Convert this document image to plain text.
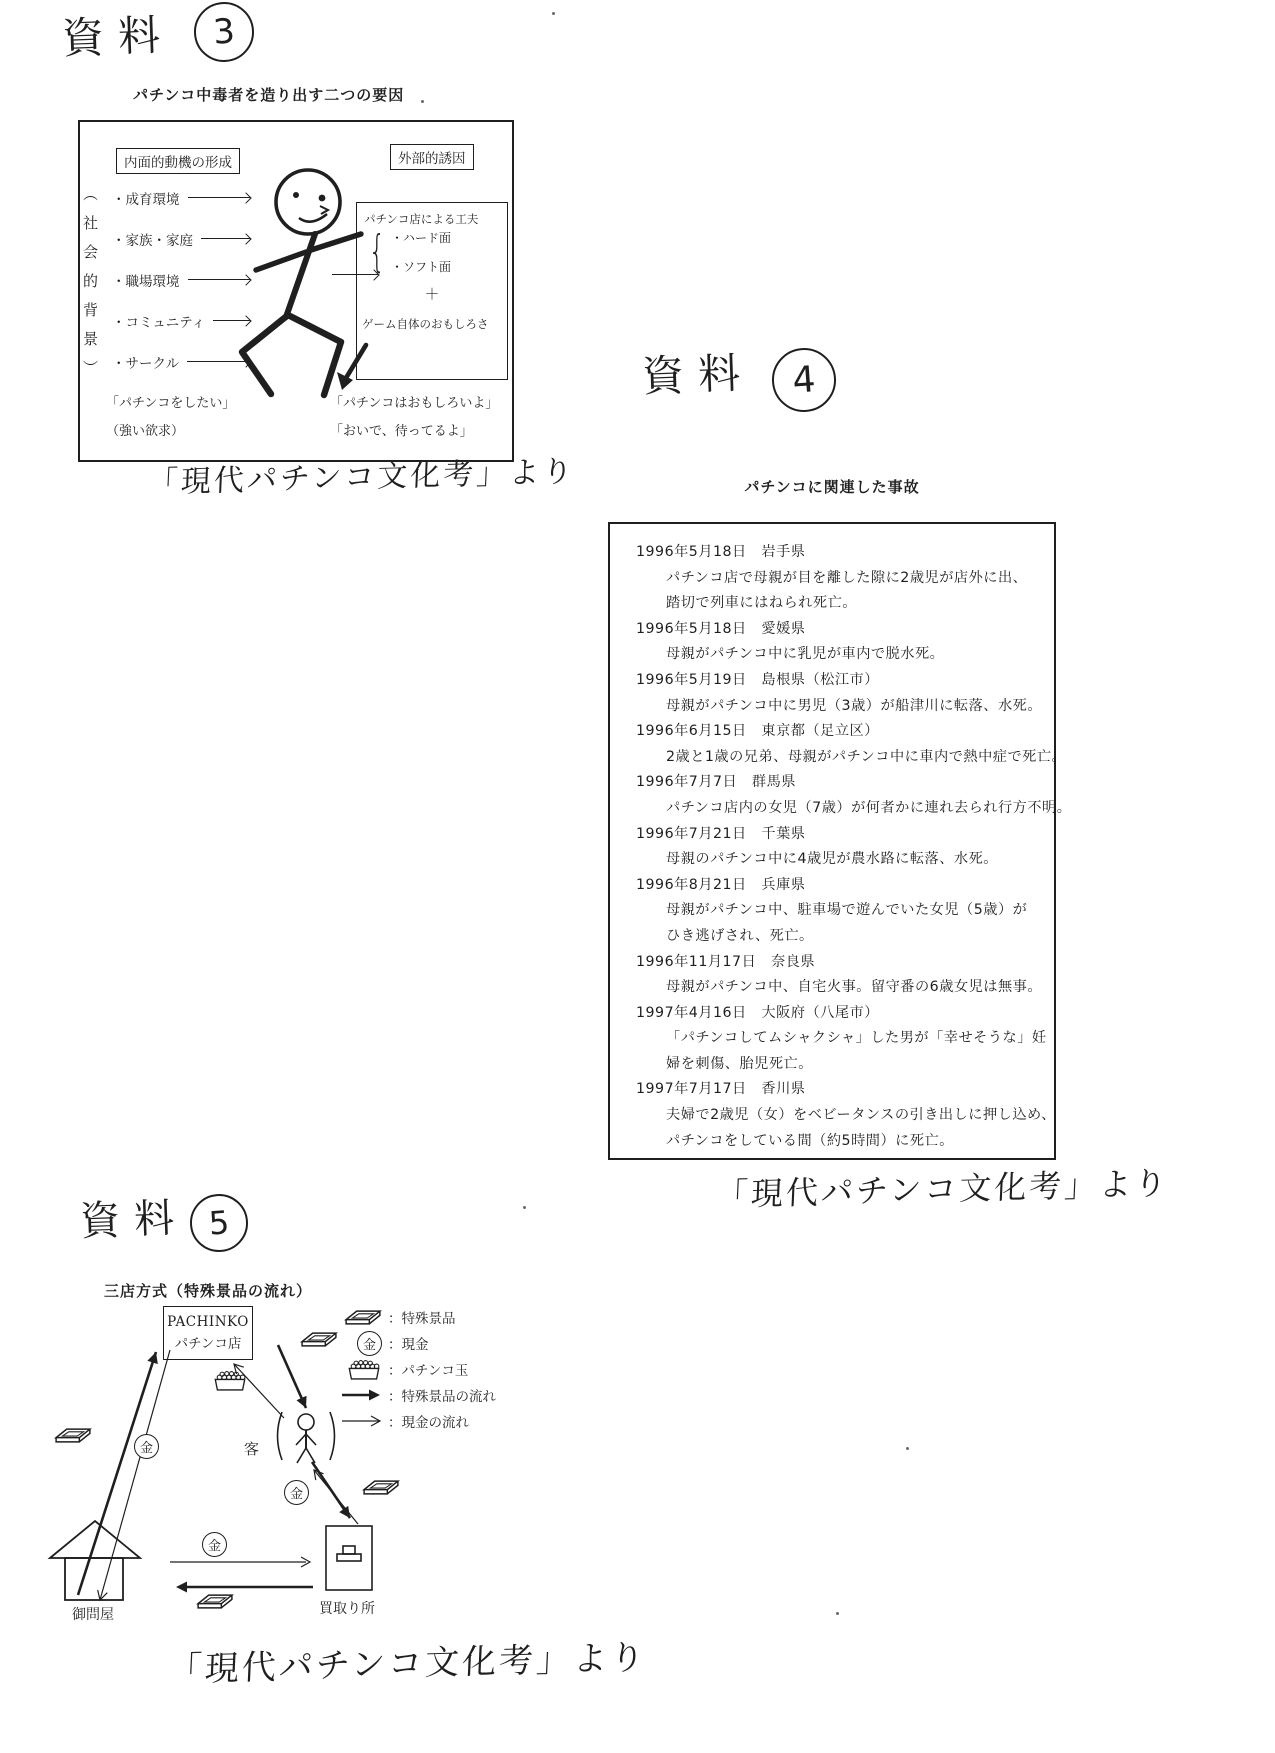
資料	3
パチンコ中毒者を造り出す二つの要因
内面的動機の形成
（社会的背景） ・成育環境
・家族・家庭
・職場環境
・コミュニティ
・サークル
外部的誘因
パチンコ店による工夫
{ ・ハード面
・ソフト面
＋
ゲーム自体のおもしろさ
「パチンコをしたい」
（強い欲求）
「パチンコはおもしろいよ」
「おいで、待ってるよ」
「現代パチンコ文化考」より
資料	4
パチンコに関連した事故
1996年5月18日　岩手県
パチンコ店で母親が目を離した隙に2歳児が店外に出、
踏切で列車にはねられ死亡。
1996年5月18日　愛媛県
母親がパチンコ中に乳児が車内で脱水死。
1996年5月19日　島根県（松江市）
母親がパチンコ中に男児（3歳）が船津川に転落、水死。
1996年6月15日　東京都（足立区）
2歳と1歳の兄弟、母親がパチンコ中に車内で熱中症で死亡。
1996年7月7日　群馬県
パチンコ店内の女児（7歳）が何者かに連れ去られ行方不明。
1996年7月21日　千葉県
母親のパチンコ中に4歳児が農水路に転落、水死。
1996年8月21日　兵庫県
母親がパチンコ中、駐車場で遊んでいた女児（5歳）が
ひき逃げされ、死亡。
1996年11月17日　奈良県
母親がパチンコ中、自宅火事。留守番の6歳女児は無事。
1997年4月16日　大阪府（八尾市）
「パチンコしてムシャクシャ」した男が「幸せそうな」妊
婦を刺傷、胎児死亡。
1997年7月17日　香川県
夫婦で2歳児（女）をベビータンスの引き出しに押し込め、
パチンコをしている間（約5時間）に死亡。
「現代パチンコ文化考」より
資料 5
三店方式（特殊景品の流れ）
PACHINKO
パチンコ店
金
金
金
客
御問屋	買取り所
：特殊景品
金 ：現金
：パチンコ玉
：特殊景品の流れ
：現金の流れ
「現代パチンコ文化考」より
